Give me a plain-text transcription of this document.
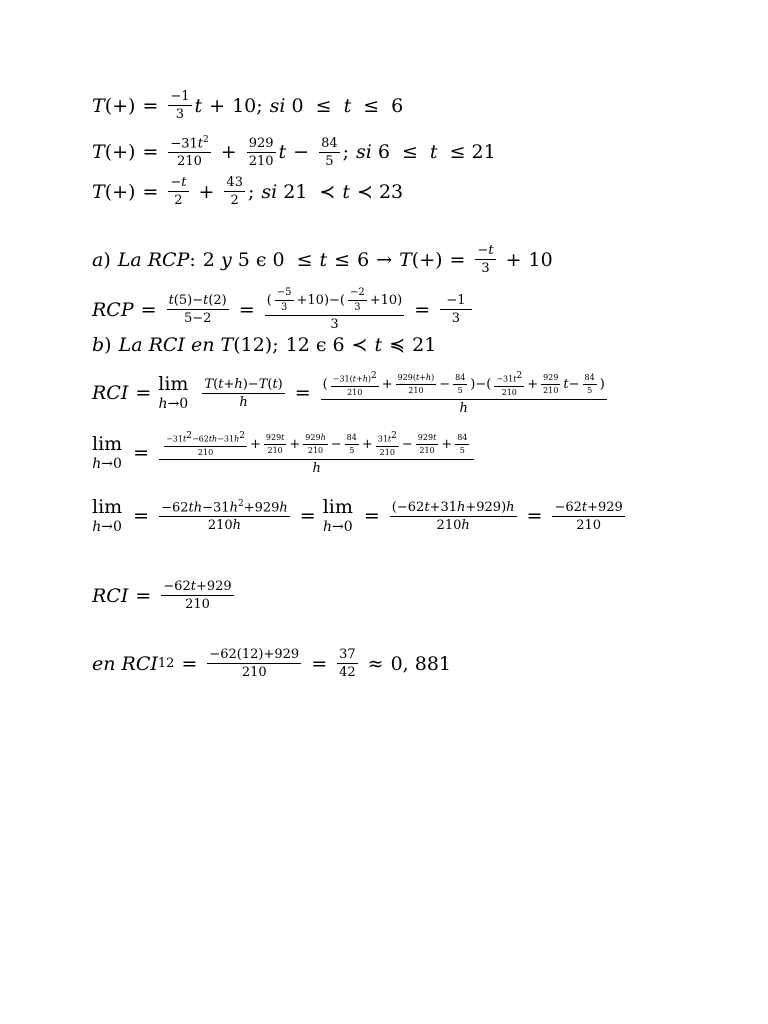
T (+) = $\frac{-1}{3}$ t + 10; si 0 ≤ t ≤ 6
T (+) = $\frac{-31t^2}{210} + \frac{929}{210}$ $t - \frac{84}{5}$ ; si 6 ≤ t ≤ 21
T (+) = $\frac{-t}{2} + \frac{43}{2}$ ; si 21 ≺ t ≺ 23
a ) La
RCP :
2 y 5 ϵ 0 ≤ t ≤ 6 → T (+) = $\frac{-t}{3} + 10$
RCP = $\frac{t(5)-t(2)}{5-2} = \frac{( \frac{-5}{3} +10)-( \frac{-2}{3} +10)}{3} = \frac{-1}{3}$
b ) La
RCI
en
T (12);
12 ϵ 6 ≺ t ≼ 21
RCI = lim
$h\to 0 \frac{T(t+h)-T(t)}{h} = \frac{( \frac{-31(t+h)^2}{210} + \frac{929(t+h)}{210} - \frac{84}{5} )-( \frac{-31t^2}{210} + \frac{929}{210} t- \frac{84}{5} )}{h}$
lim
$h\to 0 = \frac{\frac{-31t^2-62th-31h^2}{210} + \frac{929t}{210} + \frac{929h}{210} - \frac{84}{5} + \frac{31t^2}{210} - \frac{929t}{210} + \frac{84}{5}}{h}$
lim
$h\to 0 = \frac{-62th-31h^2+929h}{210h} = \lim$
$h\to 0 = \frac{(-62t+31h+929)h}{210h} = \frac{-62t+929}{210}$
RCI = $\frac{-62t+929}{210}$
en
RCI $12 = \frac{-62(12)+929}{210} = \frac{37}{42} \approx 0$, 881
